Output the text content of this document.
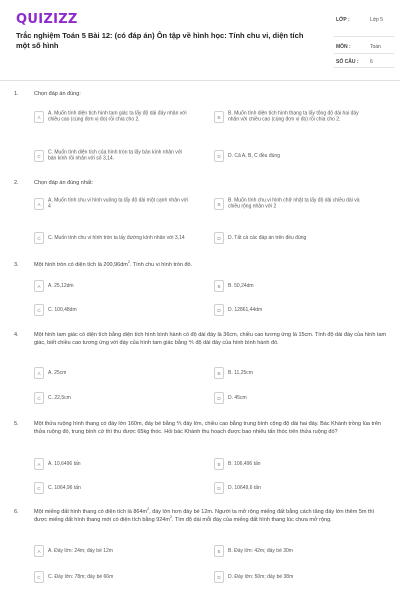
QUIZIZZ
Trắc nghiệm Toán 5 Bài 12: (có đáp án) Ôn tập về hình học: Tính chu vi, diện tích một số hình
LỚP :	Lớp 5
MÔN :	Toán
SỐ CÂU : 6
1.	Chọn đáp án đúng:
A
A. Muốn tính diện tích hình tam giác ta lấy độ dài đáy nhân với chiều cao (cùng đơn vị đo) rồi chia cho 2.	B
B. Muốn tính diện tích hình thang ta lấy tổng độ dài hai đáy nhân với chiều cao (cùng đơn vị đo) rồi chia cho 2.
C
C. Muốn tính diện tích của hình tròn ta lấy bán kính nhân với bán kính rồi nhân với số 3,14.	D	D. Cả A, B, C đều đúng
2.	Chọn đáp án đúng nhất:
A
A. Muốn tính chu vi hình vuông ta lấy độ dài một cạnh nhân với 4	B
B. Muốn tính chu vi hình chữ nhật ta lấy độ dài chiều dài và chiều rộng nhân với 2
C	C. Muốn tính chu vi hình tròn ta lấy đường kính nhân với 3,14	D	D. Tất cả các đáp án trên đều đúng
3.	Một hình tròn có diện tích là $200,96dm^2$. Tính chu vi hình tròn đó.
A	A. 25,12dm	B	B. 50,24dm
C	C. 100,48dm	D	D. 12861,44dm
4.	Một hình tam giác có diện tích bằng diện tích hình bình hành có độ dài đáy là 36cm, chiều cao tương ứng là 15cm. Tính độ dài đáy của hình tam giác, biết chiều cao tương ứng với đáy của hình tam giác bằng ⅘ độ dài đáy của hình bình hành đó.
A	A. 25cm	B	B. 11,25cm
C	C. 22,5cm	D	D. 45cm
5.	Một thửa ruộng hình thang có đáy lớn 160m, đáy bé bằng ⅘ đáy lớn, chiều cao bằng trung bình cộng độ dài hai đáy. Bác Khánh trồng lúa trên thửa ruộng đó, trung bình cứ thì thu được 65kg thóc. Hỏi bác Khánh thu hoạch được bao nhiêu tấn thóc trên thửa ruộng đó?
A	A. 10,6496 tấn	B	B. 106,496 tấn
C	C. 1064,96 tấn	D	D. 10649,6 tấn
6.	Một miếng đất hình thang có diện tích là $864m^2$, đáy lớn hơn đáy bé 12m. Người ta mở rộng miếng đất bằng cách tăng đáy lớn thêm 5m thì được miếng đất hình thang mới có diện tích bằng $924m^2$. Tìm độ dài mỗi đáy của miếng đất hình thang lúc chưa mở rộng.
A	A. Đáy lớn: 24m; đáy bé 12m	B	B. Đáy lớn: 42m; đáy bé 30m
C	C. Đáy lớn: 78m; đáy bé 66m	D	D. Đáy lớn: 50m; đáy bé 38m
